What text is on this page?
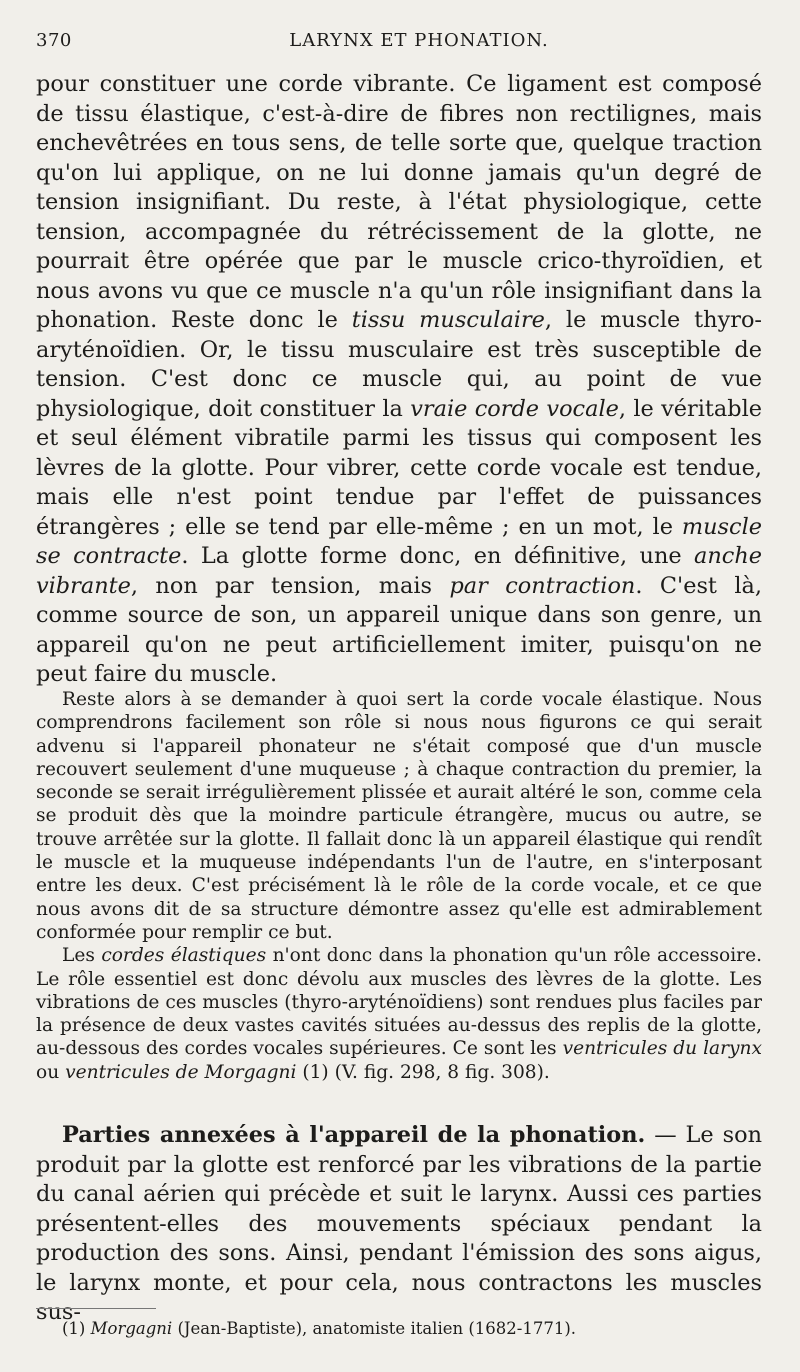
370	LARYNX ET PHONATION.

pour constituer une corde vibrante. Ce ligament est composé de tissu élastique, c'est-à-dire de fibres non rectilignes, mais enchevêtrées en tous sens, de telle sorte que, quelque traction qu'on lui applique, on ne lui donne jamais qu'un degré de tension insignifiant. Du reste, à l'état physiologique, cette tension, accompagnée du rétrécissement de la glotte, ne pourrait être opérée que par le muscle crico-thyroïdien, et nous avons vu que ce muscle n'a qu'un rôle insignifiant dans la phonation. Reste donc le tissu musculaire, le muscle thyro-aryténoïdien. Or, le tissu musculaire est très susceptible de tension. C'est donc ce muscle qui, au point de vue physiologique, doit constituer la vraie corde vocale, le véritable et seul élément vibratile parmi les tissus qui composent les lèvres de la glotte. Pour vibrer, cette corde vocale est tendue, mais elle n'est point tendue par l'effet de puissances étrangères ; elle se tend par elle-même ; en un mot, le muscle se contracte. La glotte forme donc, en définitive, une anche vibrante, non par tension, mais par contraction. C'est là, comme source de son, un appareil unique dans son genre, un appareil qu'on ne peut artificiellement imiter, puisqu'on ne peut faire du muscle.

Reste alors à se demander à quoi sert la corde vocale élastique. Nous comprendrons facilement son rôle si nous nous figurons ce qui serait advenu si l'appareil phonateur ne s'était composé que d'un muscle recouvert seulement d'une muqueuse ; à chaque contraction du premier, la seconde se serait irrégulièrement plissée et aurait altéré le son, comme cela se produit dès que la moindre particule étrangère, mucus ou autre, se trouve arrêtée sur la glotte. Il fallait donc là un appareil élastique qui rendît le muscle et la muqueuse indépendants l'un de l'autre, en s'interposant entre les deux. C'est précisément là le rôle de la corde vocale, et ce que nous avons dit de sa structure démontre assez qu'elle est admirablement conformée pour remplir ce but.

Les cordes élastiques n'ont donc dans la phonation qu'un rôle accessoire. Le rôle essentiel est donc dévolu aux muscles des lèvres de la glotte. Les vibrations de ces muscles (thyro-aryténoïdiens) sont rendues plus faciles par la présence de deux vastes cavités situées au-dessus des replis de la glotte, au-dessous des cordes vocales supérieures. Ce sont les ventricules du larynx ou ventricules de Morgagni (1) (V. fig. 298, 8 fig. 308).

Parties annexées à l'appareil de la phonation. — Le son produit par la glotte est renforcé par les vibrations de la partie du canal aérien qui précède et suit le larynx. Aussi ces parties présentent-elles des mouvements spéciaux pendant la production des sons. Ainsi, pendant l'émission des sons aigus, le larynx monte, et pour cela, nous contractons les muscles sus-

(1) Morgagni (Jean-Baptiste), anatomiste italien (1682-1771).
